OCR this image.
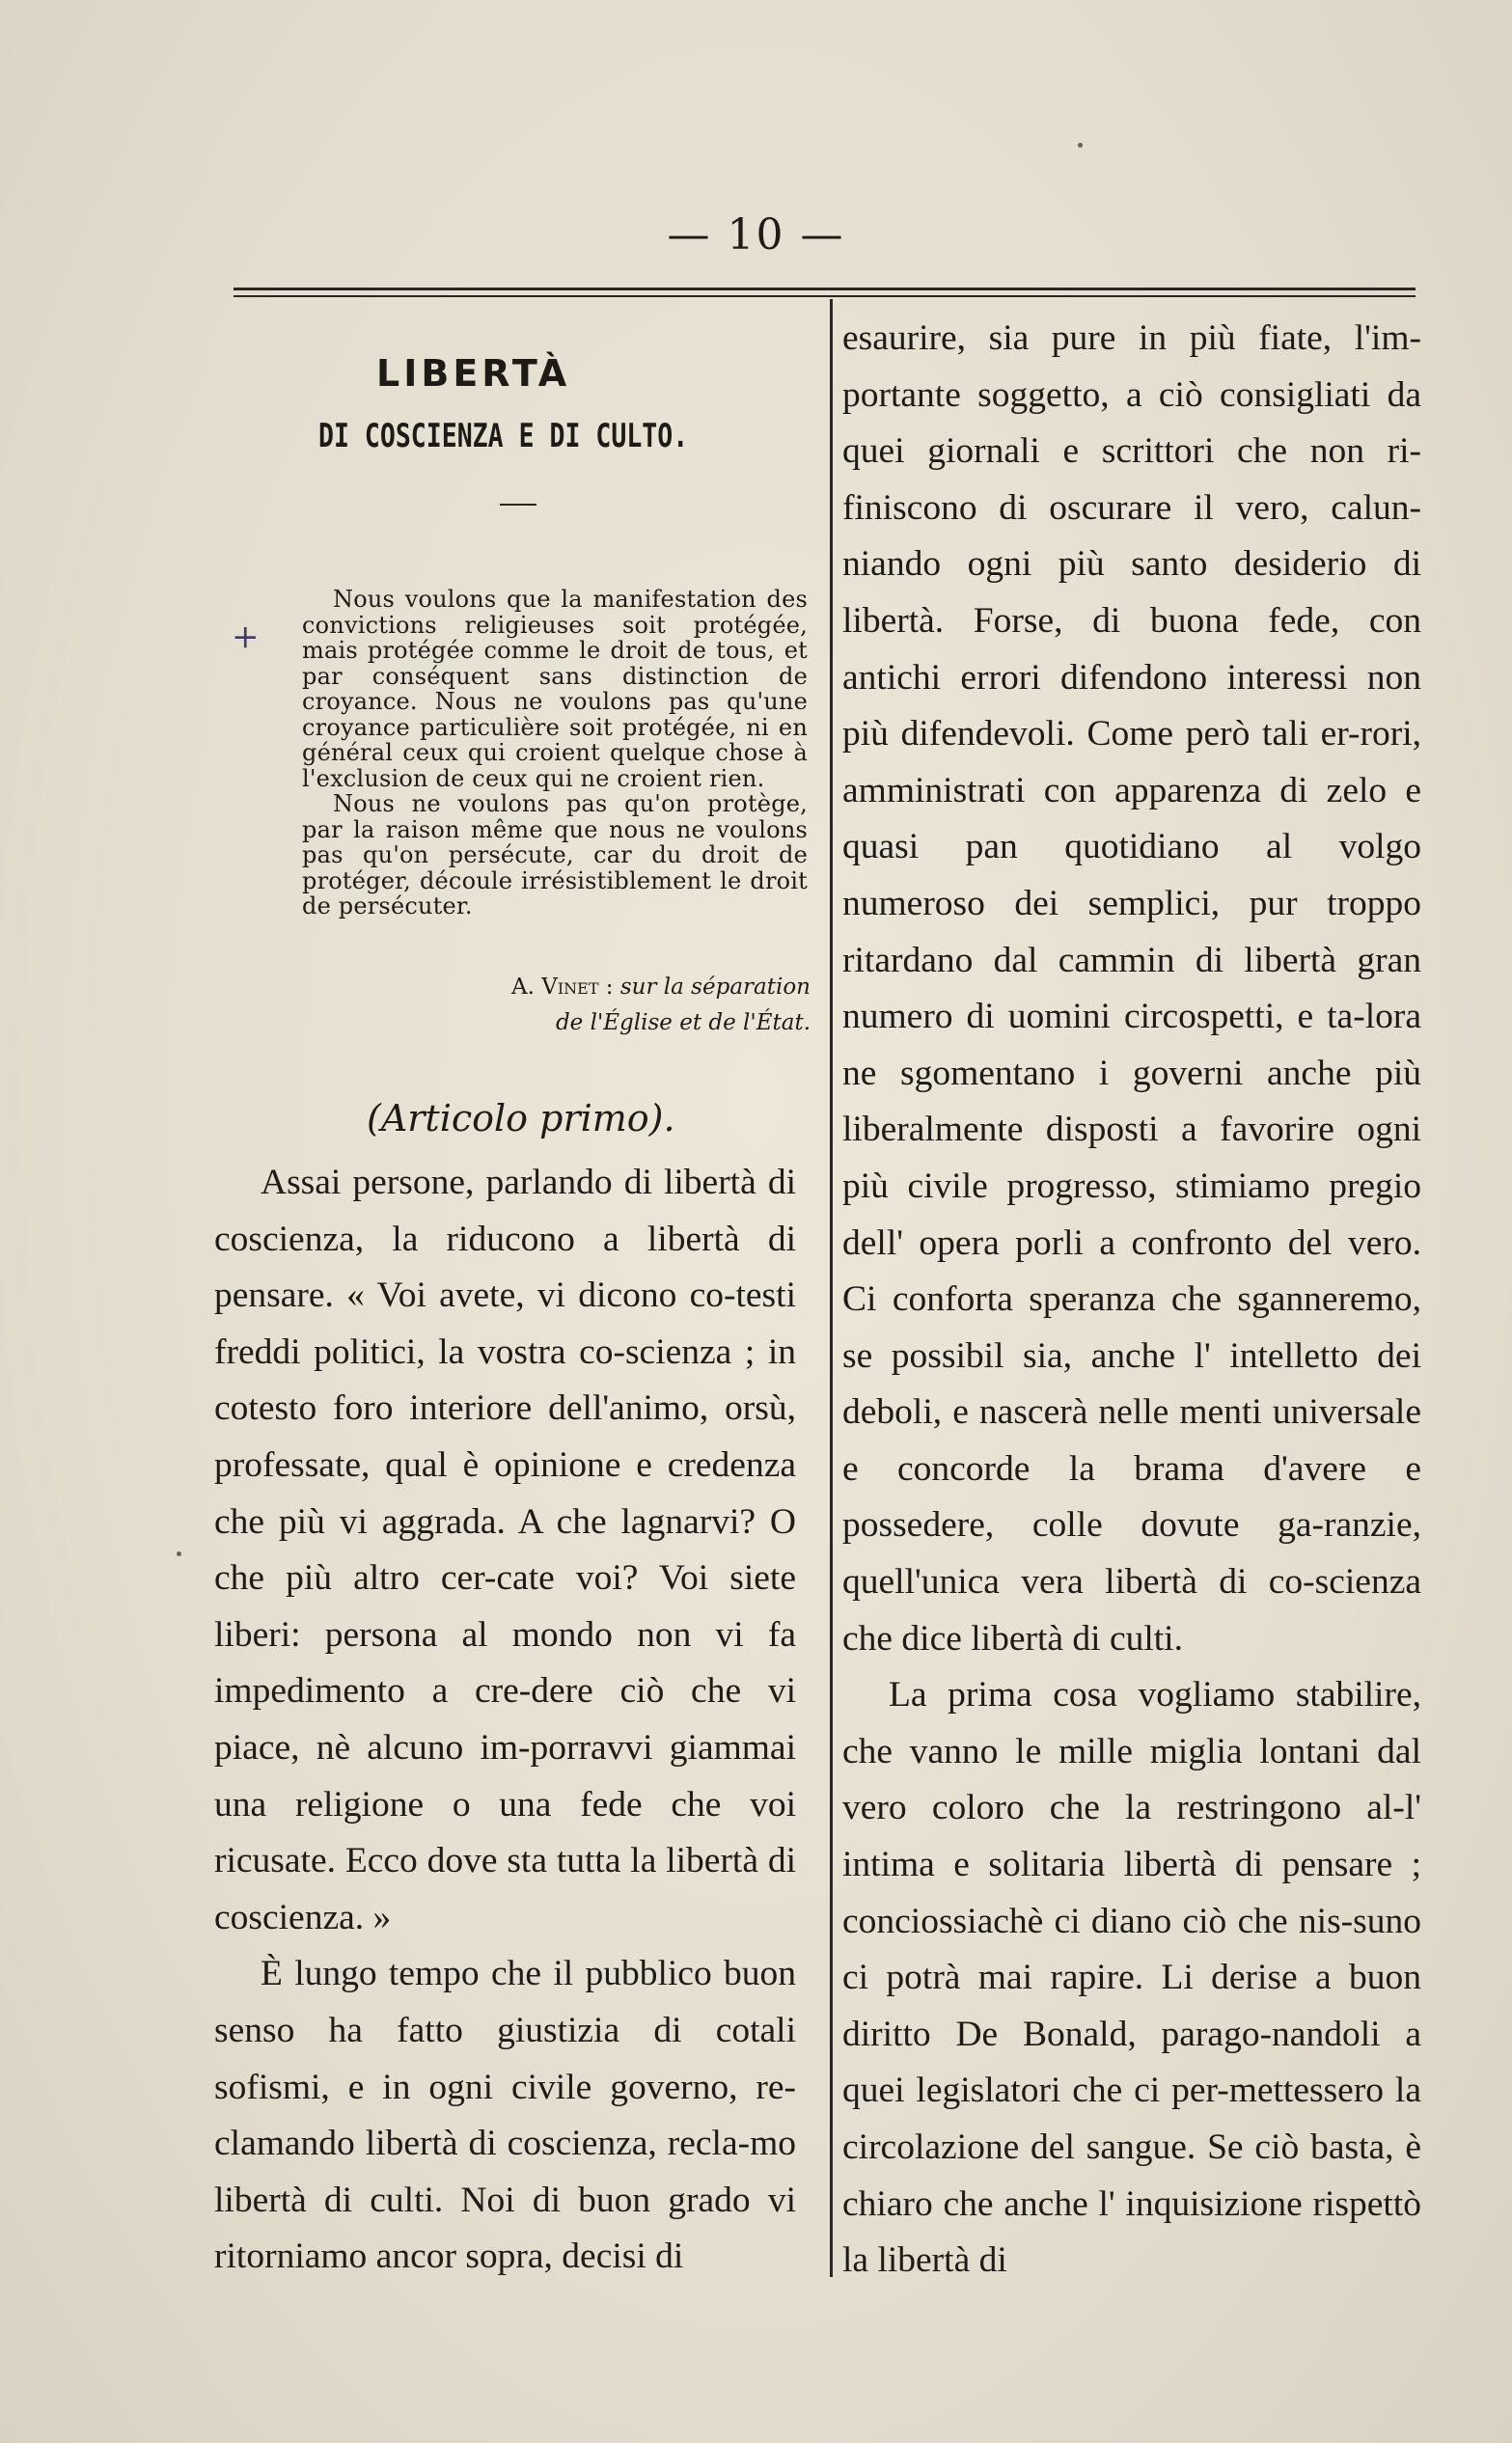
— 10 —
LIBERTÀ
DI COSCIENZA E DI CULTO.
+

Nous voulons que la manifestation des convictions religieuses soit protégée, mais protégée comme le droit de tous, et par conséquent sans distinction de croyance. Nous ne voulons pas qu'une croyance particulière soit protégée, ni en général ceux qui croient quelque chose à l'exclusion de ceux qui ne croient rien.

Nous ne voulons pas qu'on protège, par la raison même que nous ne voulons pas qu'on persécute, car du droit de protéger, découle irrésistiblement le droit de persécuter.

A. Vinet : sur la séparation
de l'Église et de l'État.
(Articolo primo).

Assai persone, parlando di libertà di coscienza, la riducono a libertà di pensare. « Voi avete, vi dicono co-testi freddi politici, la vostra co-scienza ; in cotesto foro interiore dell'animo, orsù, professate, qual è opinione e credenza che più vi aggrada. A che lagnarvi? O che più altro cer-cate voi? Voi siete liberi: persona al mondo non vi fa impedimento a cre-dere ciò che vi piace, nè alcuno im-porravvi giammai una religione o una fede che voi ricusate. Ecco dove sta tutta la libertà di coscienza. »

È lungo tempo che il pubblico buon senso ha fatto giustizia di cotali sofismi, e in ogni civile governo, re-clamando libertà di coscienza, recla-mo libertà di culti. Noi di buon grado vi ritorniamo ancor sopra, decisi di

esaurire, sia pure in più fiate, l'im-portante soggetto, a ciò consigliati da quei giornali e scrittori che non ri-finiscono di oscurare il vero, calun-niando ogni più santo desiderio di libertà. Forse, di buona fede, con antichi errori difendono interessi non più difendevoli. Come però tali er-rori, amministrati con apparenza di zelo e quasi pan quotidiano al volgo numeroso dei semplici, pur troppo ritardano dal cammin di libertà gran numero di uomini circospetti, e ta-lora ne sgomentano i governi anche più liberalmente disposti a favorire ogni più civile progresso, stimiamo pregio dell' opera porli a confronto del vero. Ci conforta speranza che sganneremo, se possibil sia, anche l' intelletto dei deboli, e nascerà nelle menti universale e concorde la brama d'avere e possedere, colle dovute ga-ranzie, quell'unica vera libertà di co-scienza che dice libertà di culti.

La prima cosa vogliamo stabilire, che vanno le mille miglia lontani dal vero coloro che la restringono al-l' intima e solitaria libertà di pensare ; conciossiachè ci diano ciò che nis-suno ci potrà mai rapire. Li derise a buon diritto De Bonald, parago-nandoli a quei legislatori che ci per-mettessero la circolazione del sangue. Se ciò basta, è chiaro che anche l' inquisizione rispettò la libertà di
